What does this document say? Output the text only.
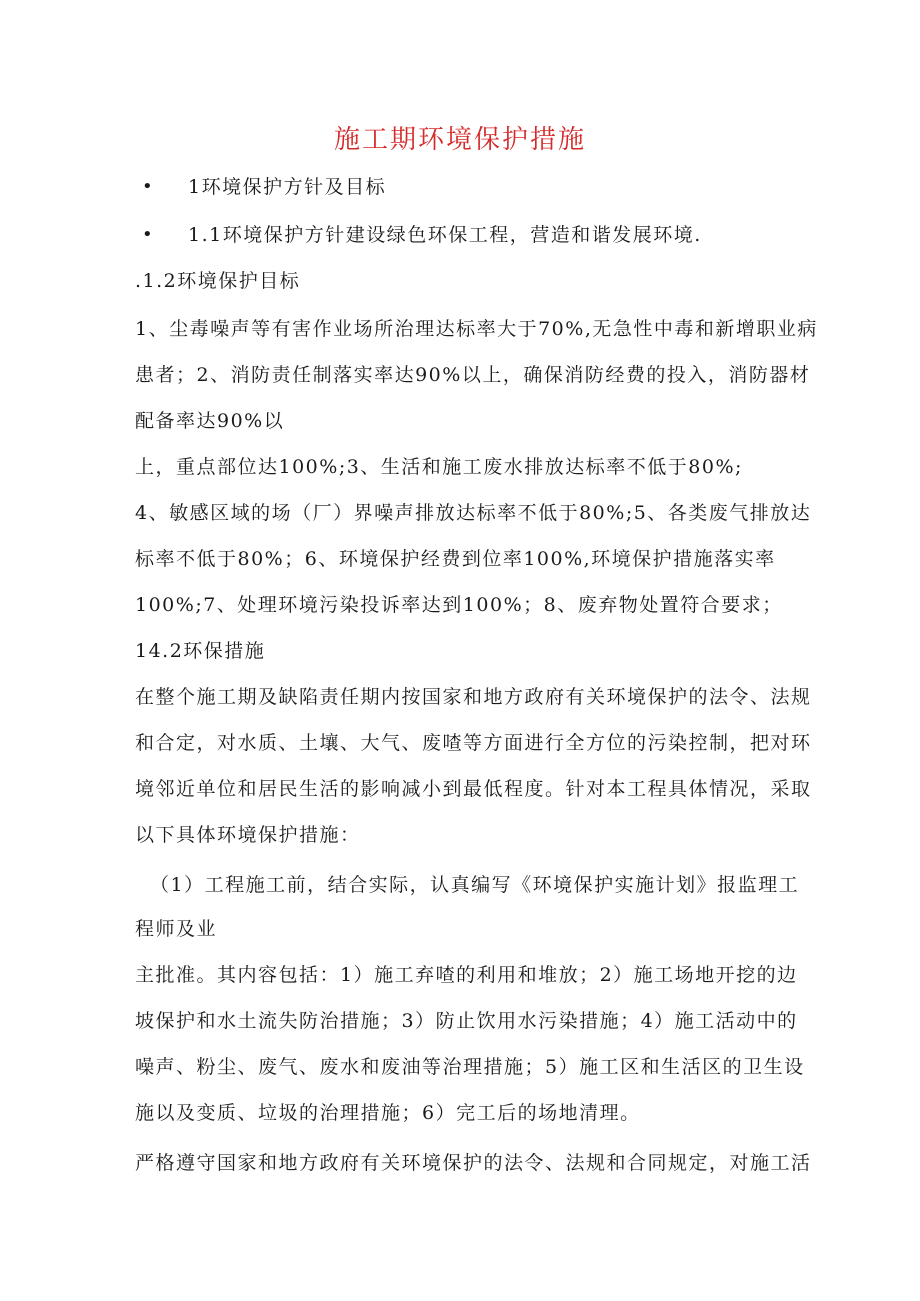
施工期环境保护措施
• 1环境保护方针及目标
• 1.1环境保护方针建设绿色环保工程，营造和谐发展环境.
.1.2环境保护目标
1、尘毒噪声等有害作业场所治理达标率大于70%,无急性中毒和新增职业病
患者；2、消防责任制落实率达90%以上，确保消防经费的投入，消防器材
配备率达90%以
上，重点部位达100%;3、生活和施工废水排放达标率不低于80%;
4、敏感区域的场（厂）界噪声排放达标率不低于80%;5、各类废气排放达
标率不低于80%；6、环境保护经费到位率100%,环境保护措施落实率
100%;7、处理环境污染投诉率达到100%；8、废弃物处置符合要求；
14.2环保措施
在整个施工期及缺陷责任期内按国家和地方政府有关环境保护的法令、法规
和合定，对水质、土壤、大气、废喳等方面进行全方位的污染控制，把对环
境邻近单位和居民生活的影响减小到最低程度。针对本工程具体情况，采取
以下具体环境保护措施：
（1）工程施工前，结合实际，认真编写《环境保护实施计划》报监理工
程师及业
主批准。其内容包括：1）施工弃喳的利用和堆放；2）施工场地开挖的边
坡保护和水土流失防治措施；3）防止饮用水污染措施；4）施工活动中的
噪声、粉尘、废气、废水和废油等治理措施；5）施工区和生活区的卫生设
施以及变质、垃圾的治理措施；6）完工后的场地清理。
严格遵守国家和地方政府有关环境保护的法令、法规和合同规定，对施工活
